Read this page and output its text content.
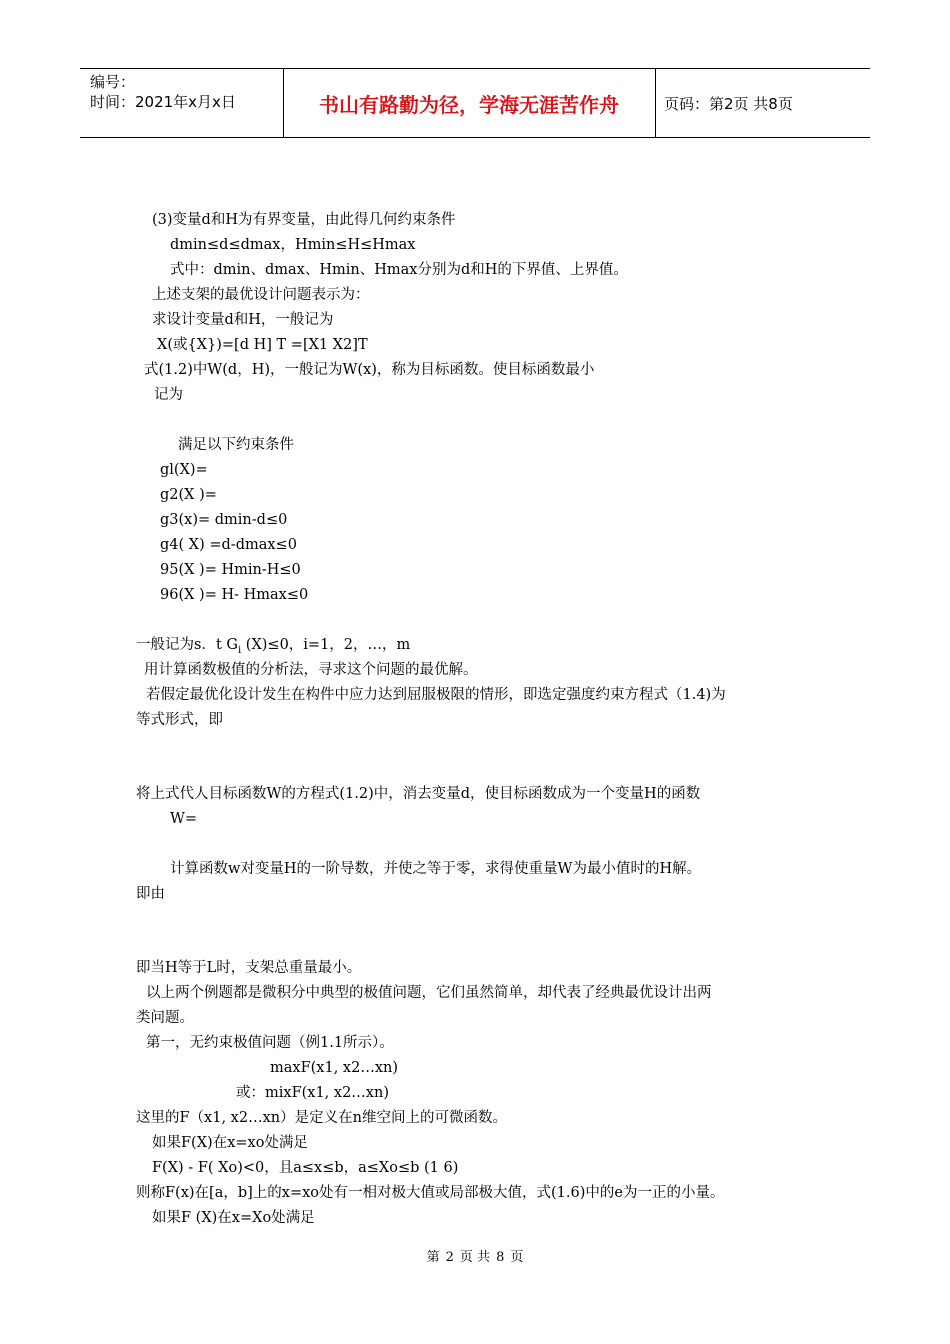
编号：
时间：2021年x月x日	书山有路勤为径，学海无涯苦作舟	页码：第2页 共8页
(3)变量d和H为有界变量，由此得几何约束条件
dmin≤d≤dmax，Hmin≤H≤Hmax
式中：dmin、dmax、Hmin、Hmax分别为d和H的下界值、上界值。
上述支架的最优设计问题表示为：
求设计变量d和H，一般记为
X(或{X})=[d H] T =[X1 X2]T
式(1.2)中W(d，H)，一般记为W(x)，称为目标函数。使目标函数最小
记为
满足以下约束条件
gl(X)=
g2(X )=
g3(x)= dmin-d≤0
g4( X) =d-dmax≤0
95(X )= Hmin-H≤0
96(X )= H- Hmax≤0
一般记为s．t $G_i$ (X)≤0，i=1，2，…，m
用计算函数极值的分析法，寻求这个问题的最优解。
若假定最优化设计发生在构件中应力达到屈服极限的情形，即选定强度约束方程式（1.4)为
等式形式，即
将上式代人目标函数W的方程式(1.2)中，消去变量d，使目标函数成为一个变量H的函数
W=
计算函数w对变量H的一阶导数，并使之等于零，求得使重量W为最小值时的H解。
即由
即当H等于L时，支架总重量最小。
以上两个例题都是微积分中典型的极值问题，它们虽然简单，却代表了经典最优设计出两
类问题。
第一，无约束极值问题（例1.1所示）。
maxF(x1, x2…xn)
或：mixF(x1, x2…xn)
这里的F（x1, x2…xn）是定义在n维空间上的可微函数。
如果F(X)在x=xo处满足
F(X) - F( Xo)<0，且a≤x≤b，a≤Xo≤b (1 6)
则称F(x)在[a，b]上的x=xo处有一相对极大值或局部极大值，式(1.6)中的e为一正的小量。
如果F (X)在x=Xo处满足
第 2 页 共 8 页
